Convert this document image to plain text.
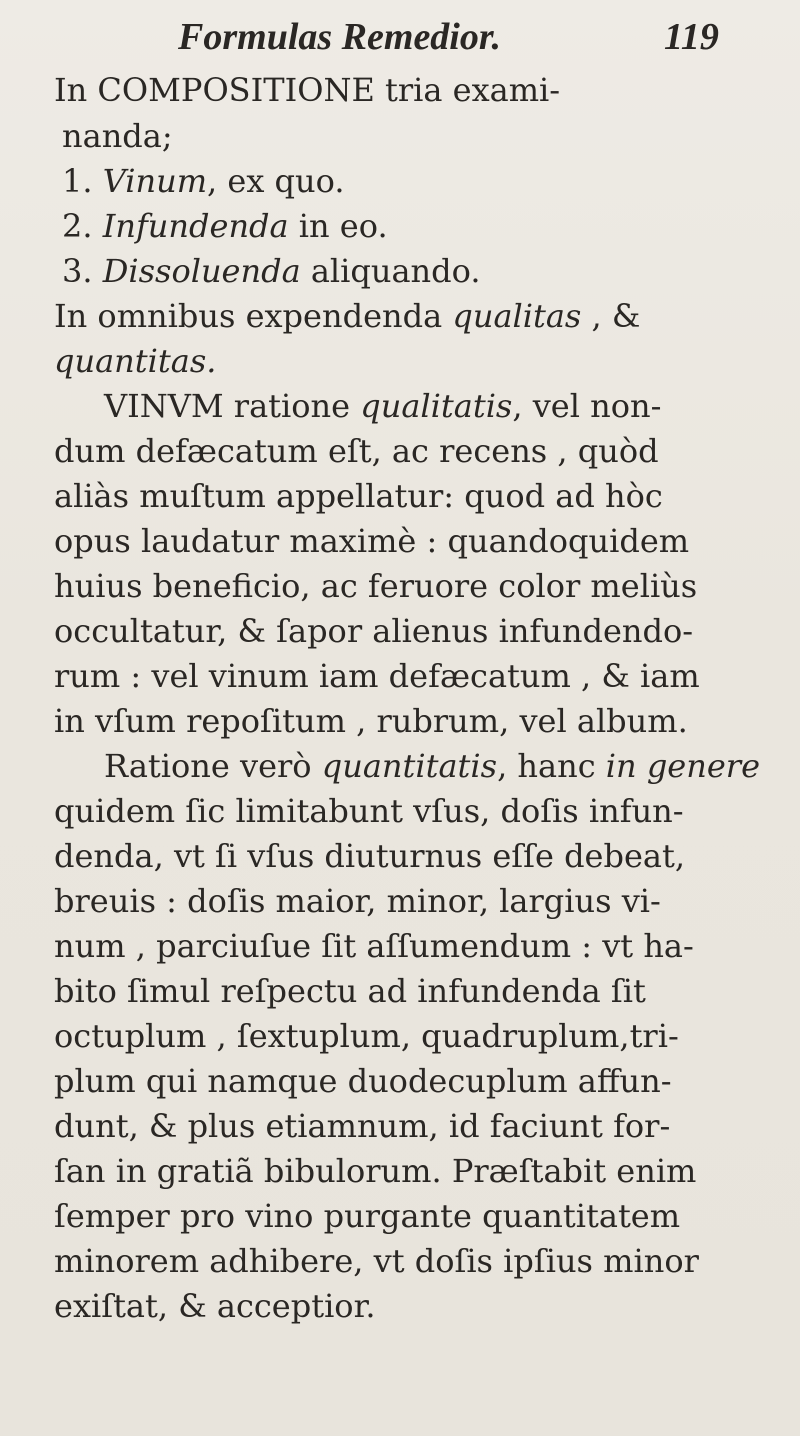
Formulas Remedior.	119
In COMPOSITIONE tria exami-
nanda;
1. Vinum, ex quo.
2. Infundenda in eo.
3. Dissoluenda aliquando.
In omnibus expendenda qualitas , &
quantitas.
VINVM ratione qualitatis, vel non-
dum defæcatum eſt, ac recens , quòd
aliàs muſtum appellatur: quod ad hòc
opus laudatur maximè : quandoquidem
huius beneficio, ac feruore color meliùs
occultatur, & ſapor alienus infundendo-
rum : vel vinum iam defæcatum , & iam
in vſum repoſitum , rubrum, vel album.
Ratione verò quantitatis, hanc in genere
quidem ſic limitabunt vſus, doſis infun-
denda, vt ſi vſus diuturnus eſſe debeat,
breuis : doſis maior, minor, largius vi-
num , parciuſue ſit aſſumendum : vt ha-
bito ſimul reſpectu ad infundenda ſit
octuplum , ſextuplum, quadruplum,tri-
plum qui namque duodecuplum affun-
dunt, & plus etiamnum, id faciunt for-
ſan in gratiã bibulorum. Præſtabit enim
ſemper pro vino purgante quantitatem
minorem adhibere, vt doſis ipſius minor
exiſtat, & acceptior.
